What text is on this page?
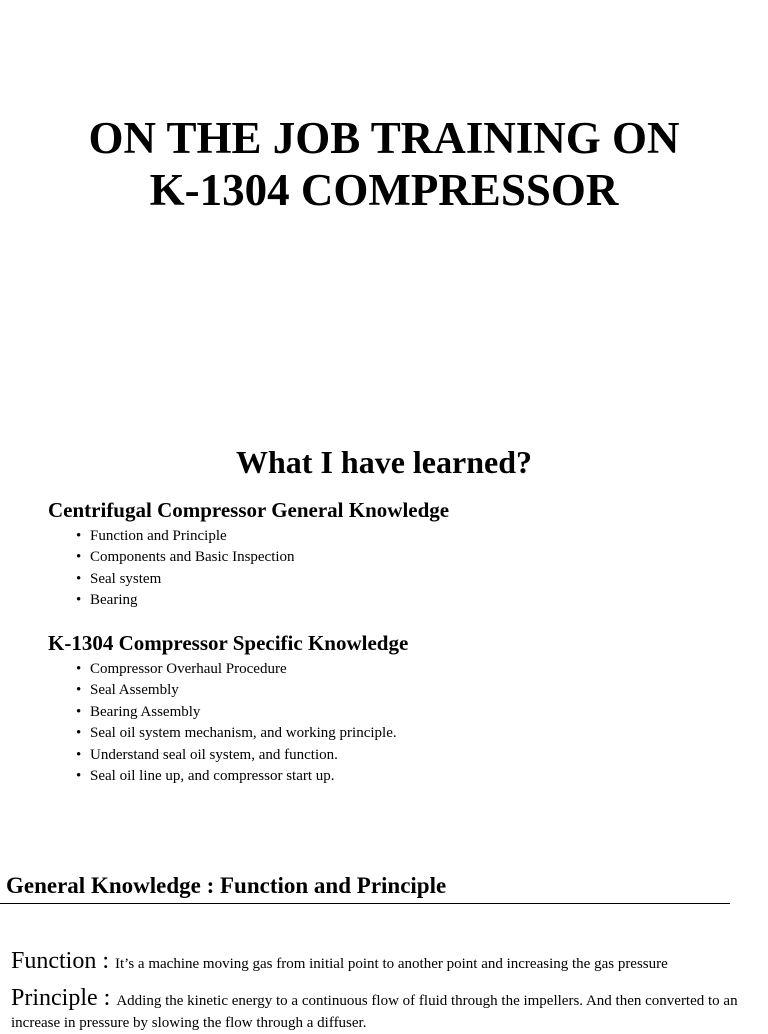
ON THE JOB TRAINING ON
K-1304 COMPRESSOR
What I have learned?
Centrifugal Compressor General Knowledge
• Function and Principle
• Components and Basic Inspection
• Seal system
• Bearing
K-1304 Compressor Specific Knowledge
• Compressor Overhaul Procedure
• Seal Assembly
• Bearing Assembly
• Seal oil system mechanism, and working principle.
• Understand seal oil system, and function.
• Seal oil line up, and compressor start up.
General Knowledge : Function and Principle

Function : It’s a machine moving gas from initial point to another point and increasing the gas pressure

Principle : Adding the kinetic energy to a continuous flow of fluid through the impellers. And then converted to an increase in pressure by slowing the flow through a diffuser.
